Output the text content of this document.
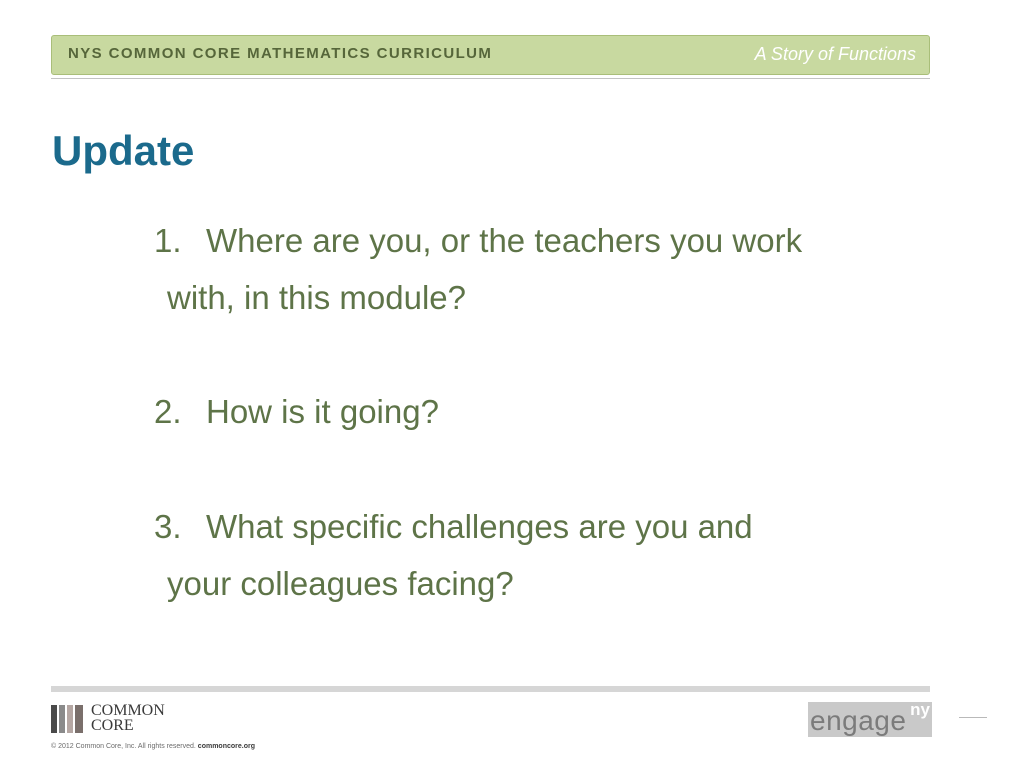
NYS COMMON CORE MATHEMATICS CURRICULUM	A Story of Functions
Update
1. Where are you, or the teachers you work
with, in this module?
2. How is it going?
3. What specific challenges are you and
your colleagues facing?
COMMON
CORE
© 2012 Common Core, Inc. All rights reserved. commoncore.org
engage ny
